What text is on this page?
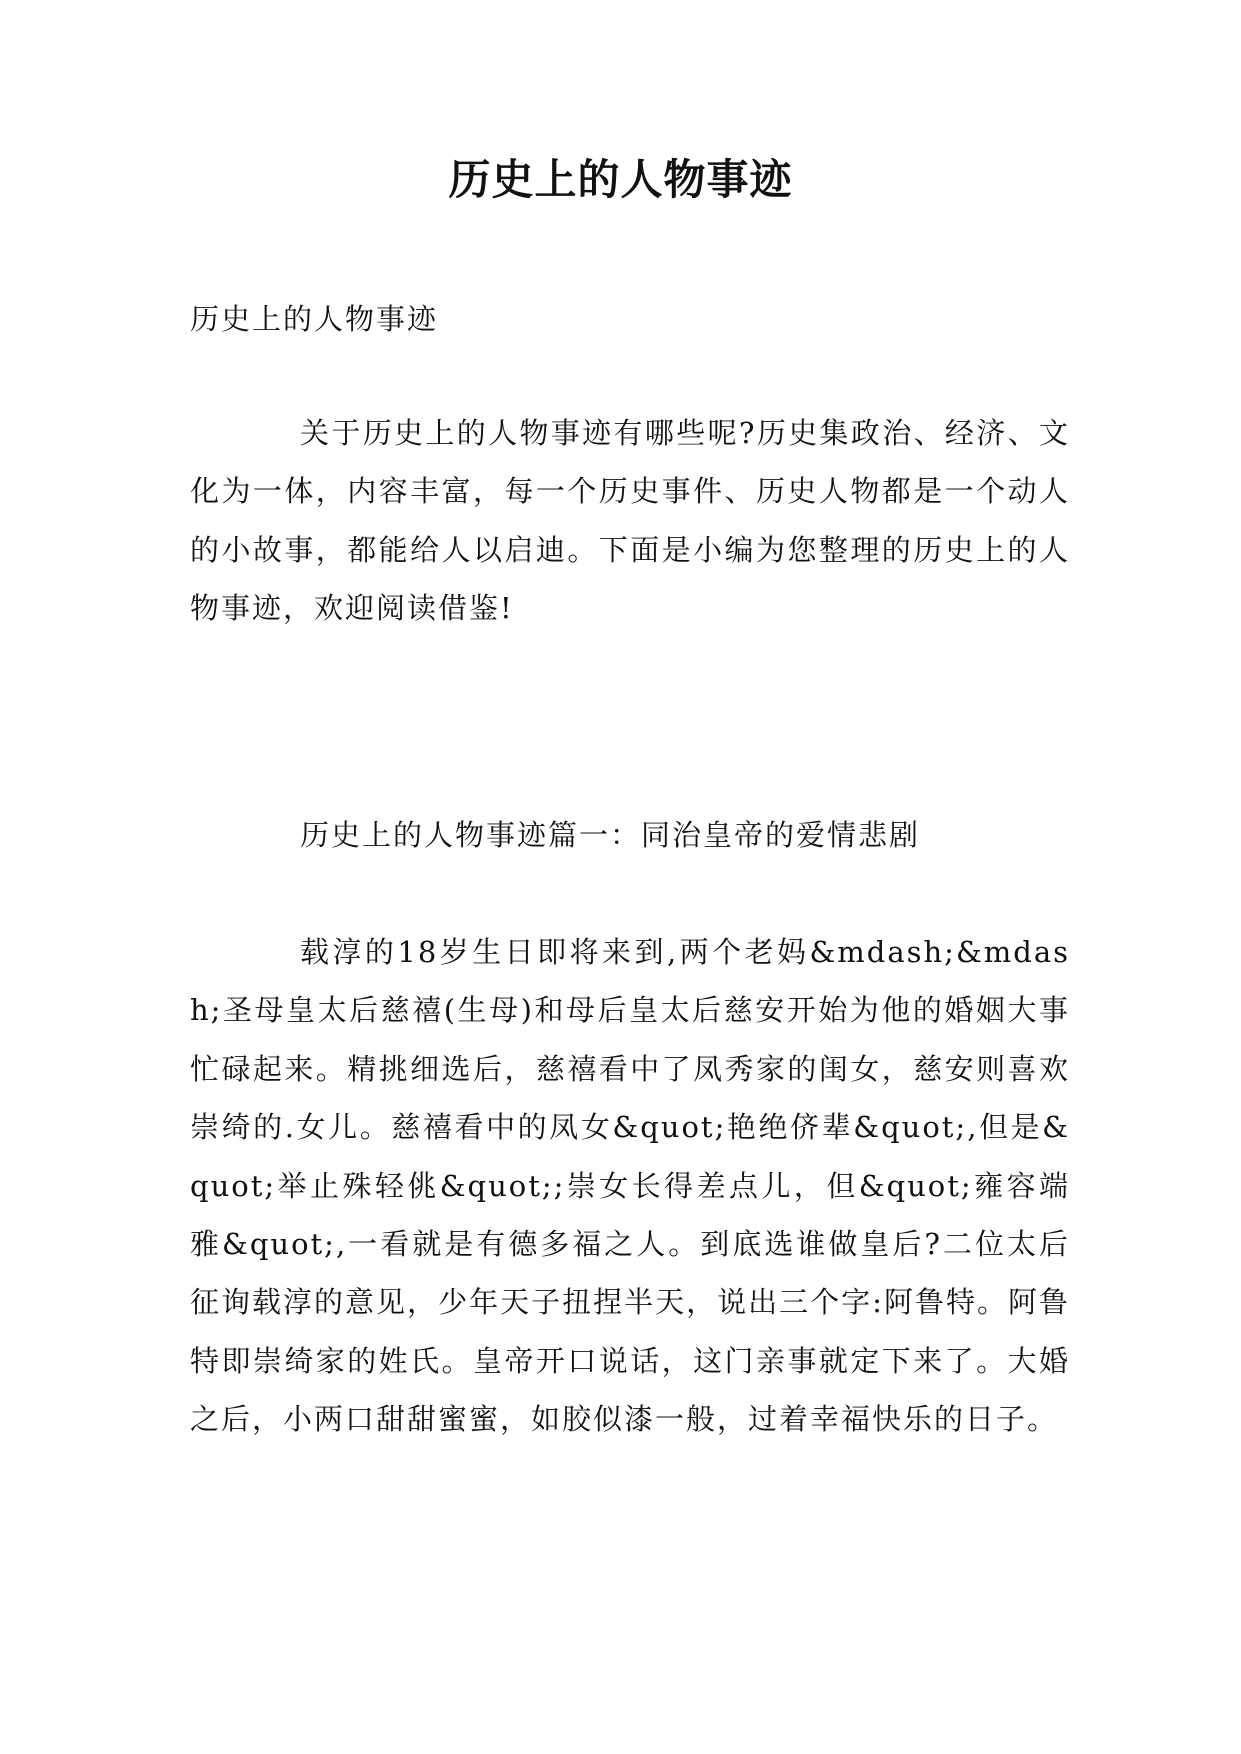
历史上的人物事迹
历史上的人物事迹
关于历史上的人物事迹有哪些呢?历史集政治、经济、文化为一体，内容丰富，每一个历史事件、历史人物都是一个动人的小故事，都能给人以启迪。下面是小编为您整理的历史上的人物事迹，欢迎阅读借鉴!
历史上的人物事迹篇一：同治皇帝的爱情悲剧
载淳的18岁生日即将来到,两个老妈&mdash;&mdash;圣母皇太后慈禧(生母)和母后皇太后慈安开始为他的婚姻大事忙碌起来。精挑细选后，慈禧看中了凤秀家的闺女，慈安则喜欢崇绮的.女儿。慈禧看中的凤女&quot;艳绝侪辈&quot;,但是&quot;举止殊轻佻&quot;;崇女长得差点儿，但&quot;雍容端雅&quot;,一看就是有德多福之人。到底选谁做皇后?二位太后征询载淳的意见，少年天子扭捏半天，说出三个字:阿鲁特。阿鲁特即崇绮家的姓氏。皇帝开口说话，这门亲事就定下来了。大婚之后，小两口甜甜蜜蜜，如胶似漆一般，过着幸福快乐的日子。
